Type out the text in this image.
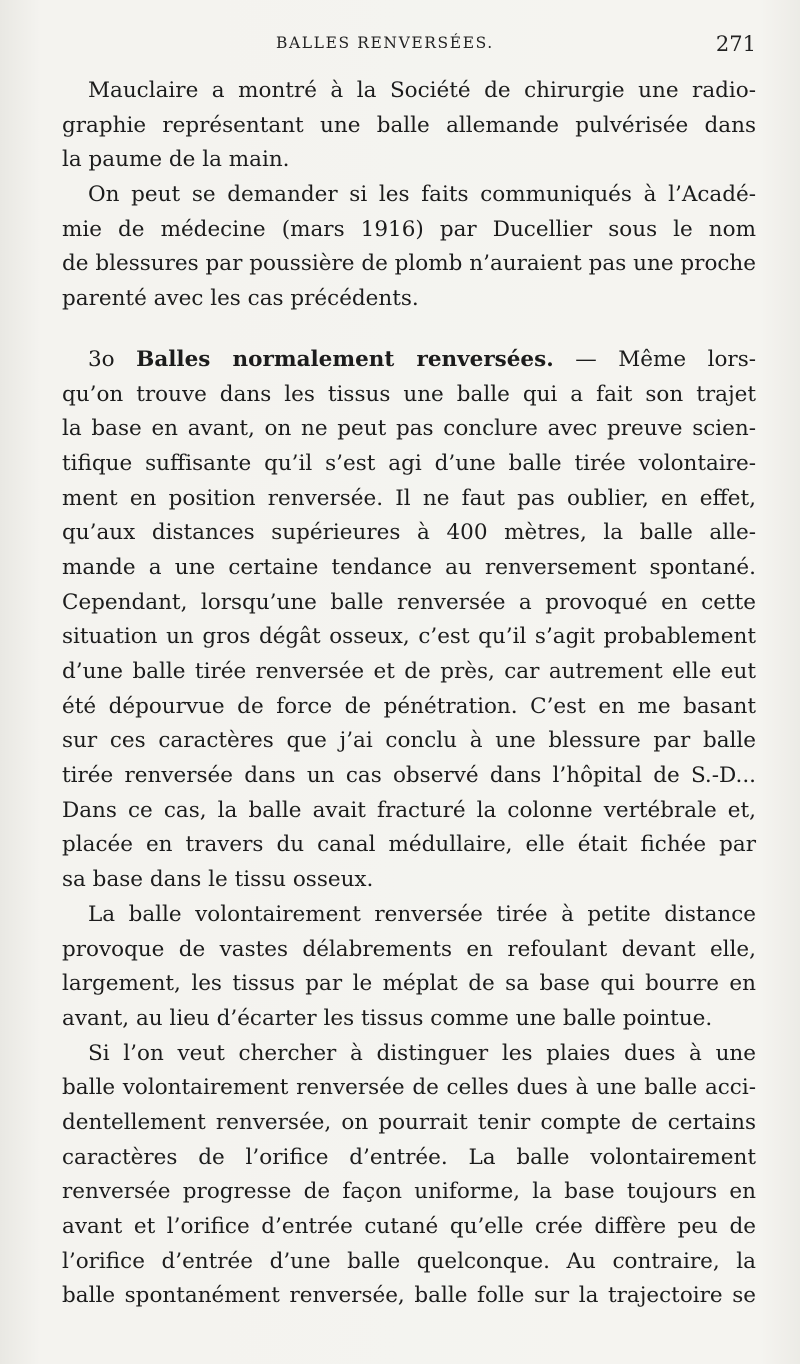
BALLES RENVERSÉES.	271
Mauclaire a montré à la Société de chirurgie une radio-
graphie représentant une balle allemande pulvérisée dans
la paume de la main.
On peut se demander si les faits communiqués à l’Acadé-
mie de médecine (mars 1916) par Ducellier sous le nom
de blessures par poussière de plomb n’auraient pas une proche
parenté avec les cas précédents.
3o Balles normalement renversées. — Même lors-
qu’on trouve dans les tissus une balle qui a fait son trajet
la base en avant, on ne peut pas conclure avec preuve scien-
tifique suffisante qu’il s’est agi d’une balle tirée volontaire-
ment en position renversée. Il ne faut pas oublier, en effet,
qu’aux distances supérieures à 400 mètres, la balle alle-
mande a une certaine tendance au renversement spontané.
Cependant, lorsqu’une balle renversée a provoqué en cette
situation un gros dégât osseux, c’est qu’il s’agit probablement
d’une balle tirée renversée et de près, car autrement elle eut
été dépourvue de force de pénétration. C’est en me basant
sur ces caractères que j’ai conclu à une blessure par balle
tirée renversée dans un cas observé dans l’hôpital de S.-D...
Dans ce cas, la balle avait fracturé la colonne vertébrale et,
placée en travers du canal médullaire, elle était fichée par
sa base dans le tissu osseux.
La balle volontairement renversée tirée à petite distance
provoque de vastes délabrements en refoulant devant elle,
largement, les tissus par le méplat de sa base qui bourre en
avant, au lieu d’écarter les tissus comme une balle pointue.
Si l’on veut chercher à distinguer les plaies dues à une
balle volontairement renversée de celles dues à une balle acci-
dentellement renversée, on pourrait tenir compte de certains
caractères de l’orifice d’entrée. La balle volontairement
renversée progresse de façon uniforme, la base toujours en
avant et l’orifice d’entrée cutané qu’elle crée diffère peu de
l’orifice d’entrée d’une balle quelconque. Au contraire, la
balle spontanément renversée, balle folle sur la trajectoire se
